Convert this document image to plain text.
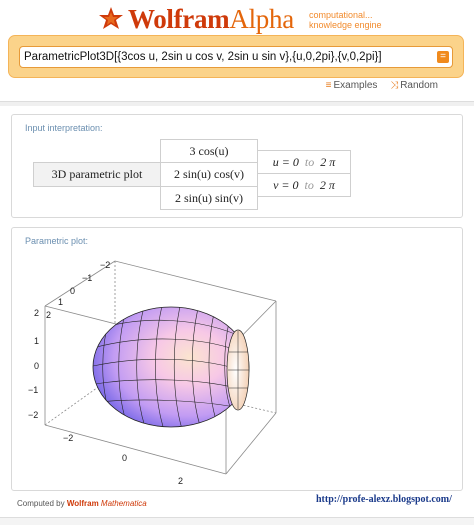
Wolfram Alpha computational...
knowledge engine
ParametricPlot3D[{3cos u, 2sin u cos v, 2sin u sin v},{u,0,2pi},{v,0,2pi}]	=
≡ Examples ⤨ Random
Input interpretation:
3D parametric plot
3 cos(u)
2 sin(u) cos(v)
2 sin(u) sin(v)
u = 0 to 2 π
v = 0 to 2 π
Parametric plot:
2
1
0
−1
−2
−2
−1
0
1
2
−2
0
2
Computed by Wolfram Mathematica	http://profe-alexz.blogspot.com/
